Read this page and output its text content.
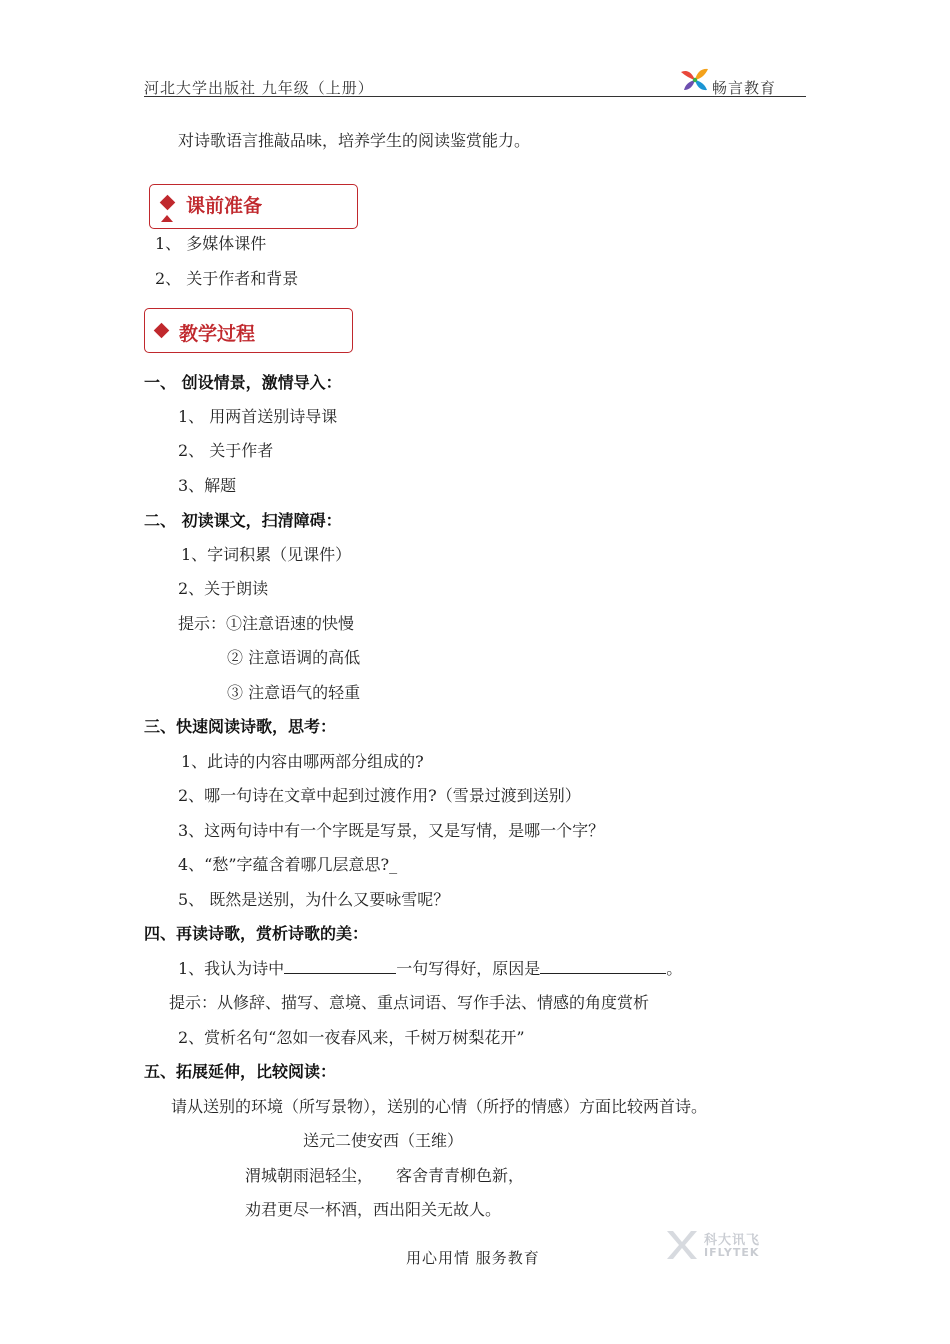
河北大学出版社 九年级（上册）	畅言教育
对诗歌语言推敲品味，培养学生的阅读鉴赏能力。
课前准备
1、 多媒体课件
2、 关于作者和背景
教学过程
一、 创设情景，激情导入：
1、 用两首送别诗导课
2、 关于作者
3、解题
二、 初读课文，扫清障碍：
1、字词积累（见课件）
2、关于朗读
提示：①注意语速的快慢
② 注意语调的高低
③ 注意语气的轻重
三、快速阅读诗歌，思考：
1、此诗的内容由哪两部分组成的?
2、哪一句诗在文章中起到过渡作用?（雪景过渡到送别）
3、这两句诗中有一个字既是写景，又是写情，是哪一个字？
4、“愁”字蕴含着哪几层意思?_
5、 既然是送别，为什么又要咏雪呢？
四、再读诗歌，赏析诗歌的美：
1、我认为诗中	一句写得好，原因是	。
提示：从修辞、描写、意境、重点词语、写作手法、情感的角度赏析
2、赏析名句“忽如一夜春风来，千树万树梨花开”
五、拓展延伸，比较阅读：
请从送别的环境（所写景物），送别的心情（所抒的情感）方面比较两首诗。
送元二使安西（王维）
渭城朝雨浥轻尘， 客舍青青柳色新，
劝君更尽一杯酒，西出阳关无故人。
用心用情 服务教育
科大讯飞
IFLYTEK
